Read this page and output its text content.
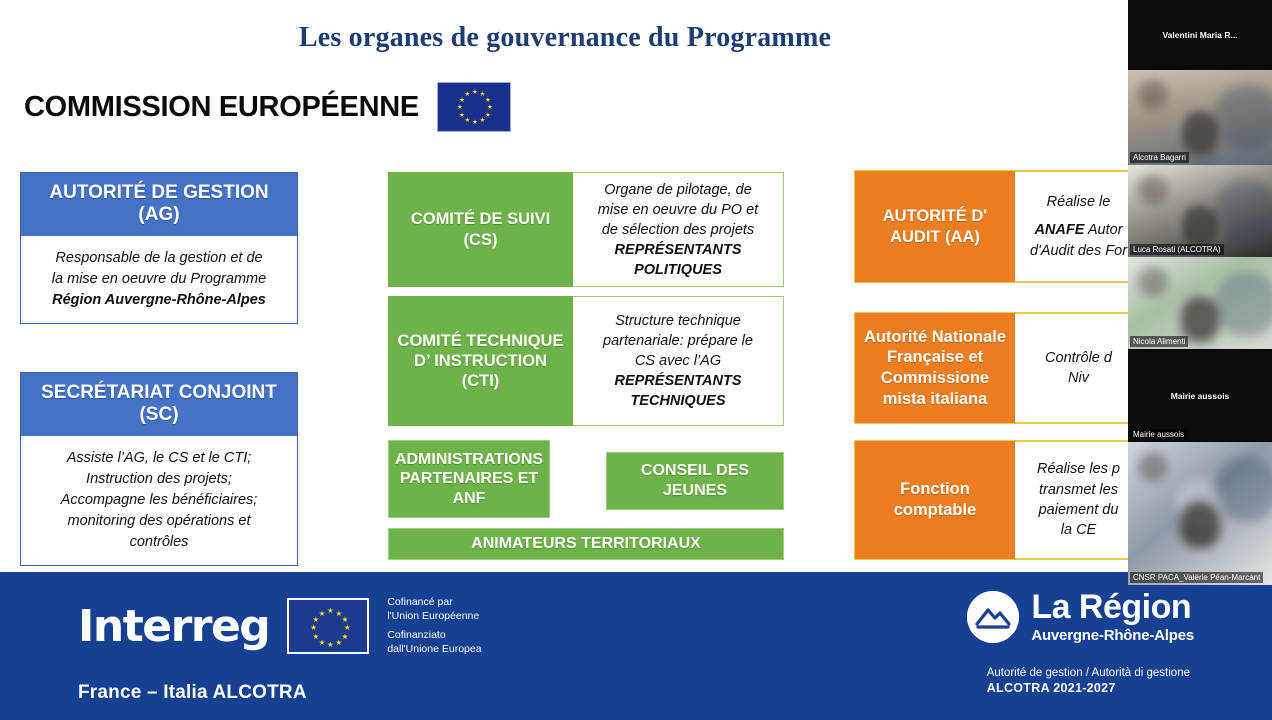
Les organes de gouvernance du Programme
COMMISSION EUROPÉENNE	★ ★
★
★
★
★
★
★
★
★
★
★
AUTORITÉ DE GESTION (AG)
Responsable de la gestion et de
la mise en oeuvre du Programme
Région Auvergne-Rhône-Alpes
SECRÉTARIAT CONJOINT (SC)
Assiste l’AG, le CS et le CTI;
Instruction des projets;
Accompagne les bénéficiaires;
monitoring des opérations et
contrôles
COMITÉ DE SUIVI (CS)
Organe de pilotage, de
mise en oeuvre du PO et
de sélection des projets
REPRÉSENTANTS
POLITIQUES
COMITÉ TECHNIQUE D’ INSTRUCTION (CTI)
Structure technique
partenariale: prépare le
CS avec l’AG
REPRÉSENTANTS
TECHNIQUES
ADMINISTRATIONS PARTENAIRES ET ANF
CONSEIL DES JEUNES
ANIMATEURS TERRITORIAUX
AUTORITÉ D' AUDIT (AA)
Réalise le
ANAFE Autor
d'Audit des For
Autorité Nationale Française et Commissione mista italiana
Contrôle d
Niv
Fonction comptable
Réalise les p
transmet les
paiement du
la CE
Interreg	★ ★
★
★
★
★
★
★
★
★
★
★
Cofinancé par
l'Union Européenne
Cofinanziato
dall'Unione Europea
France – Italia ALCOTRA
La Région
Auvergne-Rhône-Alpes
Autorité de gestion / Autorità di gestione
ALCOTRA 2021-2027
Valentini Maria R...
Alcotra Bagarri
Luca Rosati (ALCOTRA)
Nicola Alimenti
Mairie aussois
Mairie aussois
CNSR PACA_Valérie Péan-Marcant
